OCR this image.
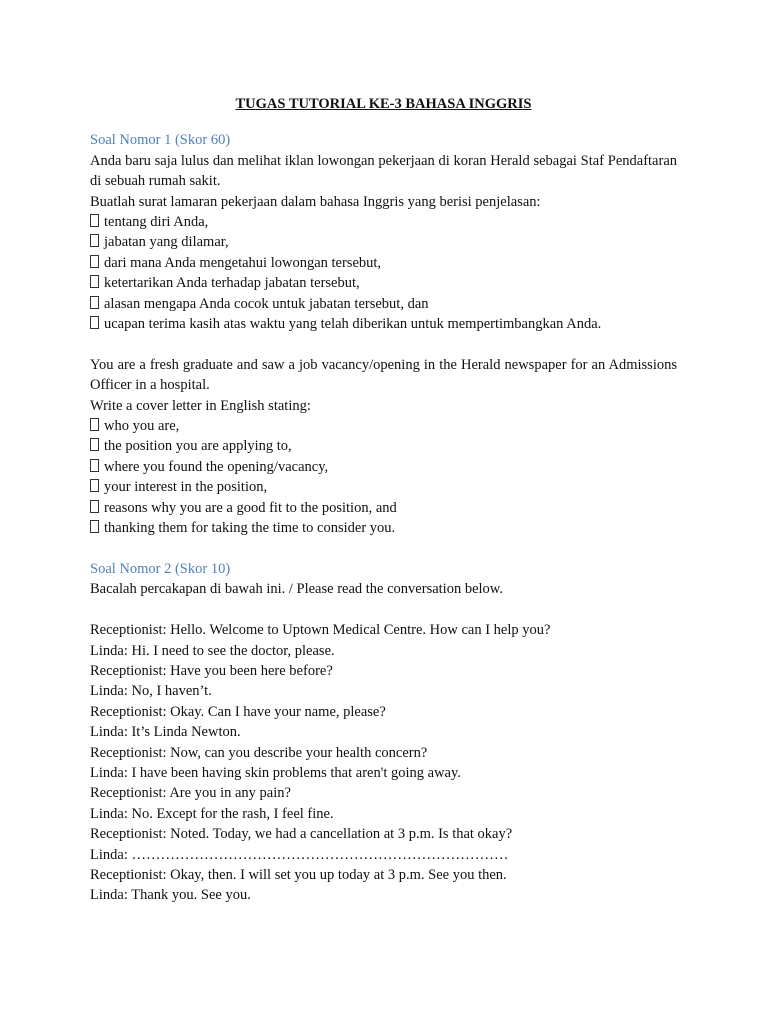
TUGAS TUTORIAL KE-3 BAHASA INGGRIS

Soal Nomor 1 (Skor 60)

Anda baru saja lulus dan melihat iklan lowongan pekerjaan di koran Herald sebagai Staf Pendaftaran di sebuah rumah sakit.

Buatlah surat lamaran pekerjaan dalam bahasa Inggris yang berisi penjelasan:

tentang diri Anda,
jabatan yang dilamar,
dari mana Anda mengetahui lowongan tersebut,
ketertarikan Anda terhadap jabatan tersebut,
alasan mengapa Anda cocok untuk jabatan tersebut, dan
ucapan terima kasih atas waktu yang telah diberikan untuk mempertimbangkan Anda.

You are a fresh graduate and saw a job vacancy/opening in the Herald newspaper for an Admissions Officer in a hospital.

Write a cover letter in English stating:

who you are,
the position you are applying to,
where you found the opening/vacancy,
your interest in the position,
reasons why you are a good fit to the position, and
thanking them for taking the time to consider you.

Soal Nomor 2 (Skor 10)

Bacalah percakapan di bawah ini. / Please read the conversation below.

Receptionist: Hello. Welcome to Uptown Medical Centre. How can I help you?
Linda: Hi. I need to see the doctor, please.
Receptionist: Have you been here before?
Linda: No, I haven’t.
Receptionist: Okay. Can I have your name, please?
Linda: It’s Linda Newton.
Receptionist: Now, can you describe your health concern?
Linda: I have been having skin problems that aren't going away.
Receptionist: Are you in any pain?
Linda: No. Except for the rash, I feel fine.
Receptionist: Noted. Today, we had a cancellation at 3 p.m. Is that okay?
Linda: ……………………………………………………………………
Receptionist: Okay, then. I will set you up today at 3 p.m. See you then.
Linda: Thank you. See you.
